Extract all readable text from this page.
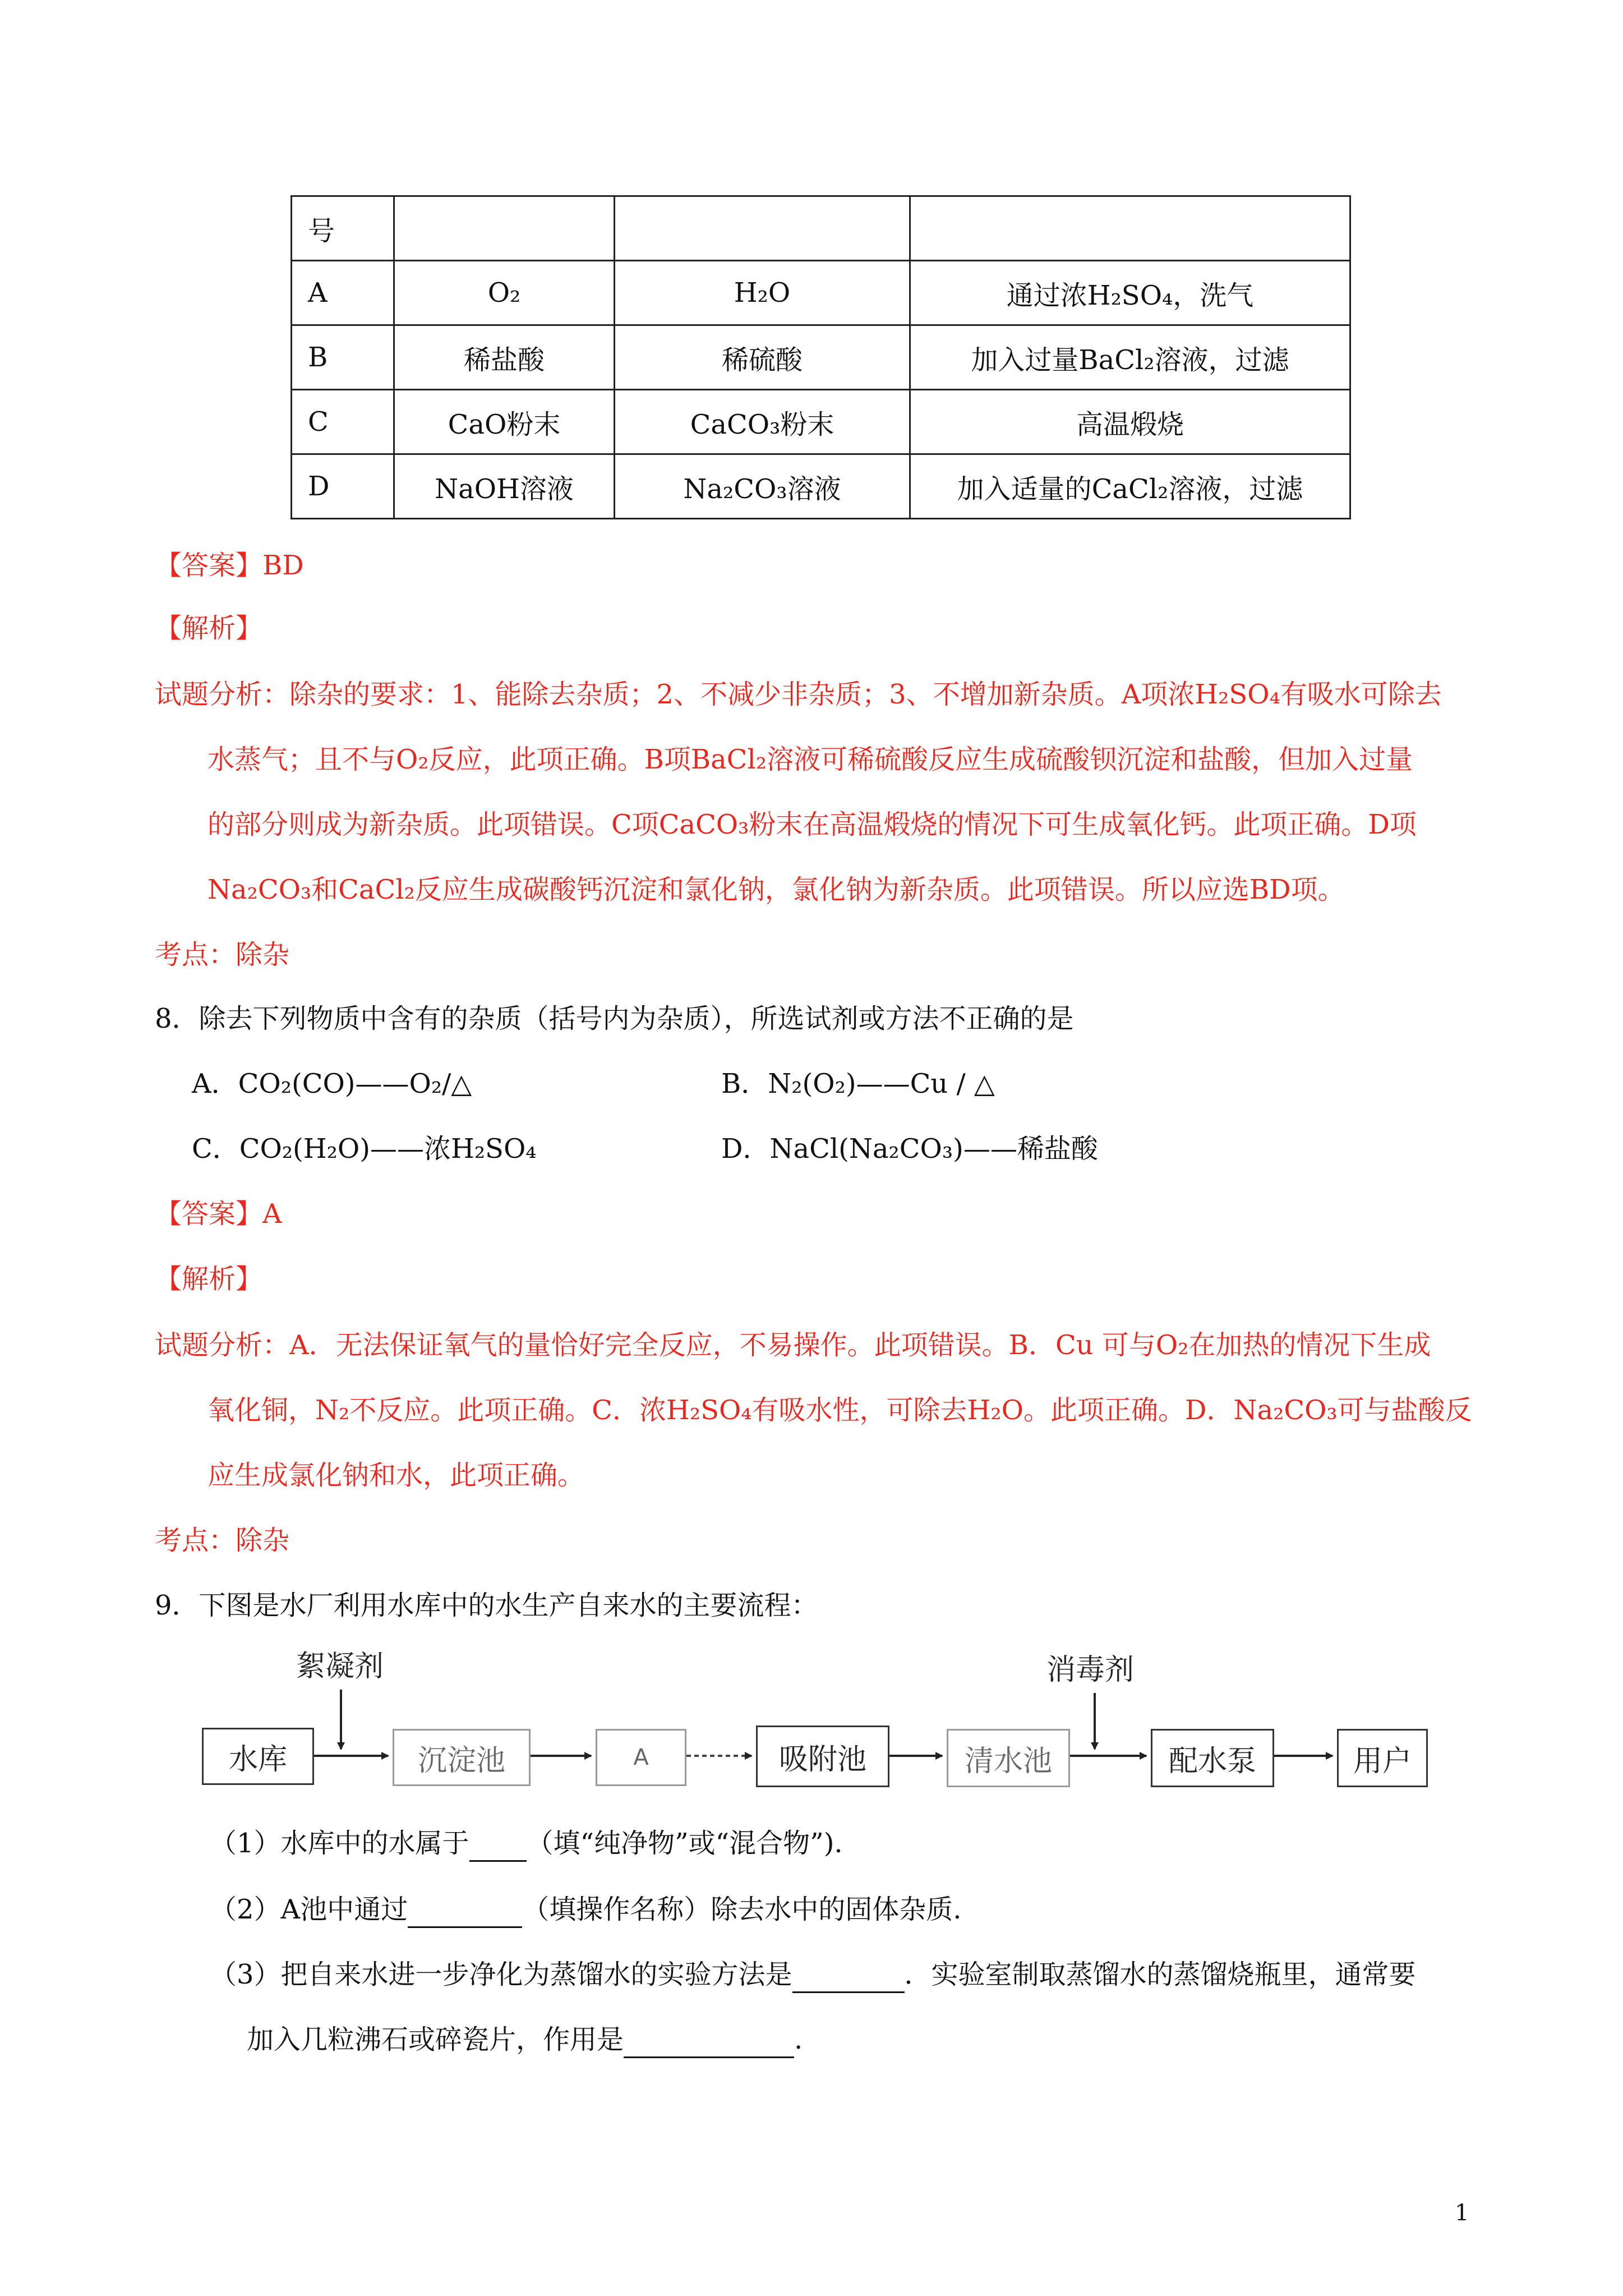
号			
A	O₂	H₂O	通过浓H₂SO₄，洗气
B	稀盐酸	稀硫酸	加入过量BaCl₂溶液，过滤
C	CaO粉末	CaCO₃粉末	高温煅烧
D	NaOH溶液	Na₂CO₃溶液	加入适量的CaCl₂溶液，过滤
【答案】BD
【解析】
试题分析：除杂的要求：1、能除去杂质；2、不减少非杂质；3、不增加新杂质。A项浓H₂SO₄有吸水可除去
水蒸气；且不与O₂反应，此项正确。B项BaCl₂溶液可稀硫酸反应生成硫酸钡沉淀和盐酸，但加入过量
的部分则成为新杂质。此项错误。C项CaCO₃粉末在高温煅烧的情况下可生成氧化钙。此项正确。D项
Na₂CO₃和CaCl₂反应生成碳酸钙沉淀和氯化钠，氯化钠为新杂质。此项错误。所以应选BD项。
考点：除杂
8．除去下列物质中含有的杂质（括号内为杂质），所选试剂或方法不正确的是
A．CO₂(CO)——O₂/△	B．N₂(O₂)——Cu / △
C．CO₂(H₂O)——浓H₂SO₄	D．NaCl(Na₂CO₃)——稀盐酸
【答案】A
【解析】
试题分析：A．无法保证氧气的量恰好完全反应，不易操作。此项错误。B．Cu 可与O₂在加热的情况下生成
氧化铜，N₂不反应。此项正确。C．浓H₂SO₄有吸水性，可除去H₂O。此项正确。D．Na₂CO₃可与盐酸反
应生成氯化钠和水，此项正确。
考点：除杂
9．下图是水厂利用水库中的水生产自来水的主要流程：
絮凝剂	消毒剂
水库	沉淀池	A	吸附池	清水池	配水泵	用户
（1）水库中的水属于 （填“纯净物”或“混合物”).
（2）A池中通过	（填操作名称）除去水中的固体杂质.
（3）把自来水进一步净化为蒸馏水的实验方法是	．实验室制取蒸馏水的蒸馏烧瓶里，通常要
加入几粒沸石或碎瓷片，作用是	.
1
